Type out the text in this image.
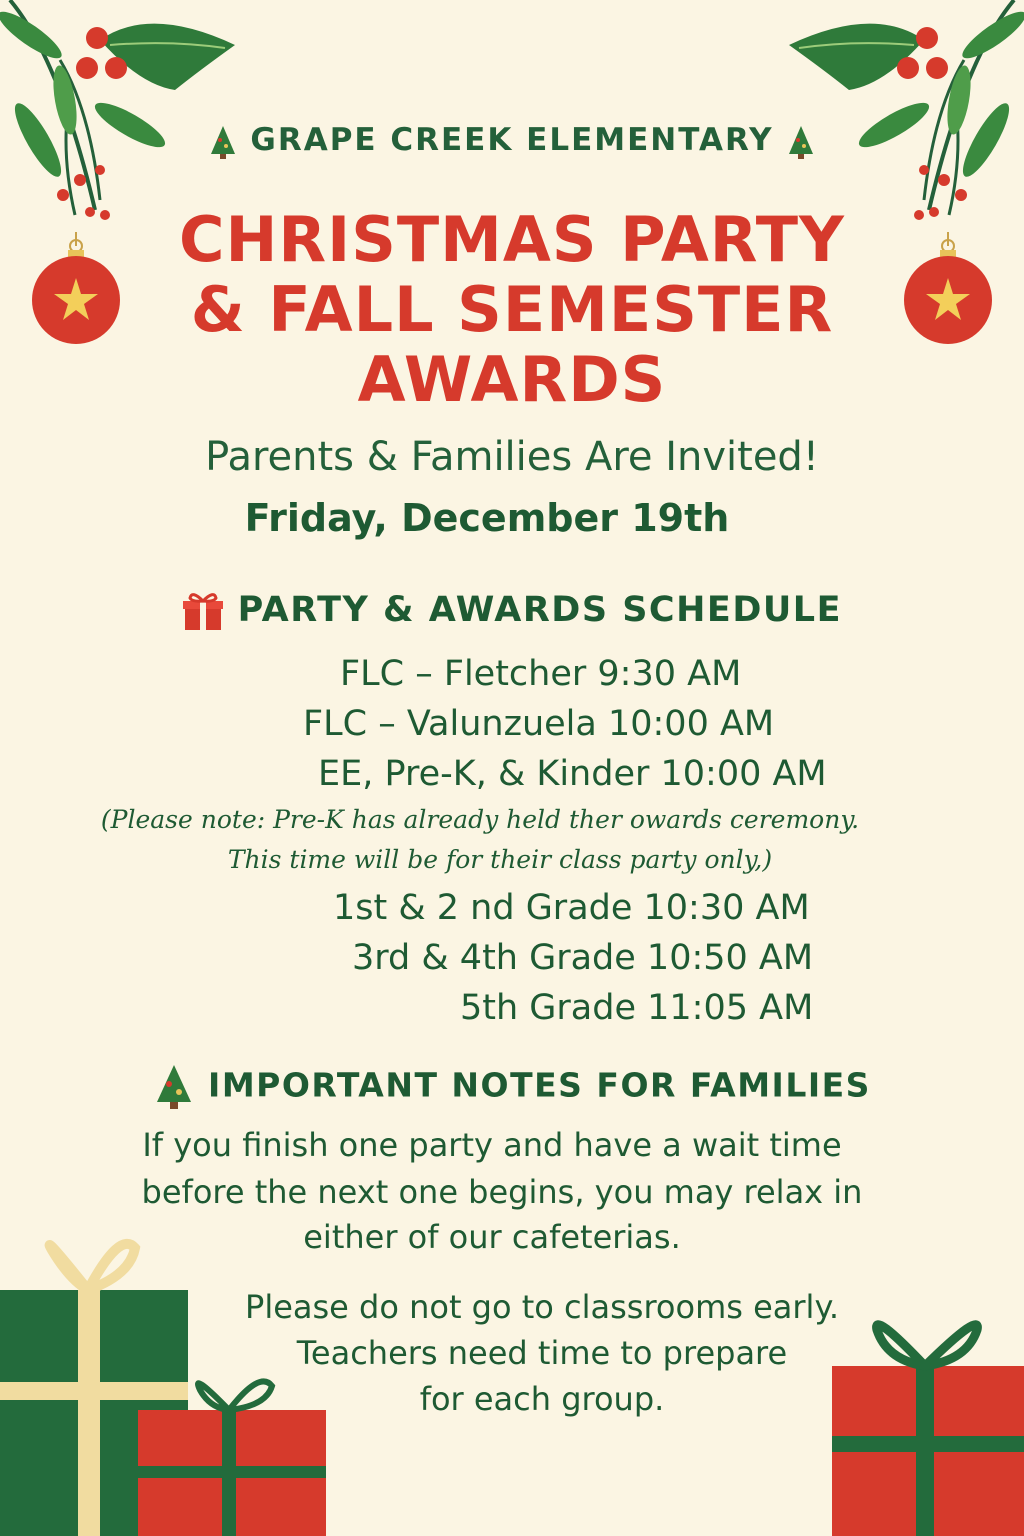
GRAPE CREEK ELEMENTARY
CHRISTMAS PARTY
& FALL SEMESTER
AWARDS
Parents & Families Are Invited!
Friday, December 19th
PARTY & AWARDS SCHEDULE
FLC – Fletcher 9:30 AM
FLC – Valunzuela 10:00 AM
EE, Pre-K, & Kinder 10:00 AM
(Please note: Pre-K has already held ther owards ceremony.
This time will be for their class party only,)
1st & 2 nd Grade 10:30 AM
3rd & 4th Grade 10:50 AM
5th Grade 11:05 AM
IMPORTANT NOTES FOR FAMILIES
If you finish one party and have a wait time
before the next one begins, you may relax in
either of our cafeterias.
Please do not go to classrooms early.
Teachers need time to prepare
for each group.
